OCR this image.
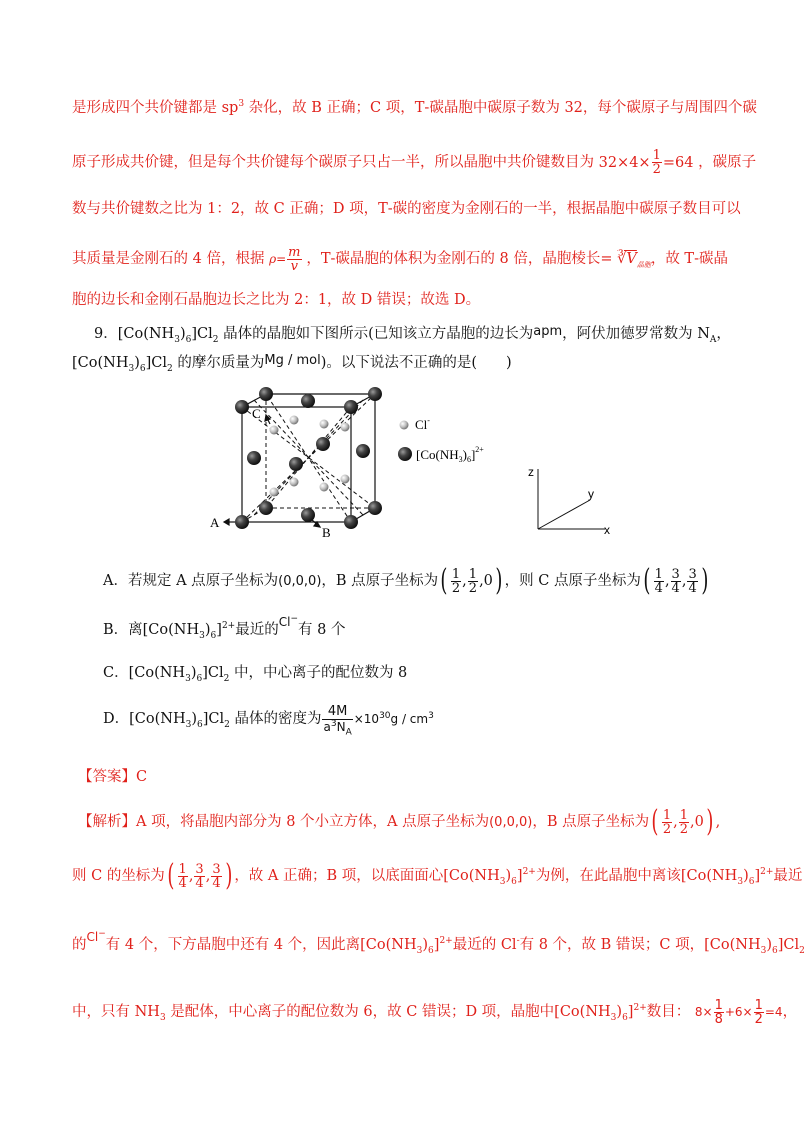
是形成四个共价键都是 $sp^3$ 杂化，故 B 正确；C 项，T‑碳晶胞中碳原子数为 32，每个碳原子与周围四个碳
原子形成共价键，但是每个共价键每个碳原子只占一半，所以晶胞中共价键数目为 $32\times 4\times \frac{1}{2} =64$ ，碳原子
数与共价键数之比为 1：2，故 C 正确；D 项，T‑碳的密度为金刚石的一半，根据晶胞中碳原子数目可以
其质量是金刚石的 4 倍，根据 $\rho= \frac{m}{v}$ ，T‑碳晶胞的体积为金刚石的 8 倍，晶胞棱长= $∛V_{晶胞}$，故 T‑碳晶
胞的边长和金刚石晶胞边长之比为 2：1，故 D 错误；故选 D。
9．$[Co(NH_3)_6]Cl_2$ 晶体的晶胞如下图所示(已知该立方晶胞的边长为apm，阿伏加德罗常数为 $N_A$，
$[Co(NH_3)_6]Cl_2$ 的摩尔质量为Mg / mol)。以下说法不正确的是(　　)
A
B
C
Cl-
$[Co(NH_3)_6]^{2+}$
z
y
x
A．若规定 A 点原子坐标为(0,0,0)，B 点原子坐标为( $\frac{1}{2}$ , $\frac{1}{2} ,0$) ，则 C 点原子坐标为( $\frac{1}{4}$ , $\frac{3}{4}$ , $\frac{3}{4}$ )
B．离$[Co(NH_3)_6]^{2+}$最近的$^{Cl^-}$有 8 个
C．$[Co(NH_3)_6]Cl_2$ 中，中心离子的配位数为 8
D．$[Co(NH_3)_6]Cl_2$ 晶体的密度为 $\frac{4M}{a^3N_A} \times 10^{30}g / cm^3$
【答案】C
【解析】A 项，将晶胞内部分为 8 个小立方体，A 点原子坐标为(0,0,0)，B 点原子坐标为( $\frac{1}{2}$ , $\frac{1}{2} ,0$) ,
则 C 的坐标为( $\frac{1}{4}$ , $\frac{3}{4}$ , $\frac{3}{4}$ ) ，故 A 正确；B 项，以底面面心$[Co(NH_3)_6]^{2+}$为例，在此晶胞中离该$[Co(NH_3)_6]^{2+}$最近
的$^{Cl^-}$有 4 个，下方晶胞中还有 4 个，因此离$[Co(NH_3)_6]^{2+}$最近的 Cl-有 8 个，故 B 错误；C 项，$[Co(NH_3)_6]Cl_2$
中，只有 $NH_3$ 是配体，中心离子的配位数为 6，故 C 错误；D 项，晶胞中$[Co(NH_3)_6]^{2+}$数目： $8\times \frac{1}{8} +6\times \frac{1}{2} =4$，
